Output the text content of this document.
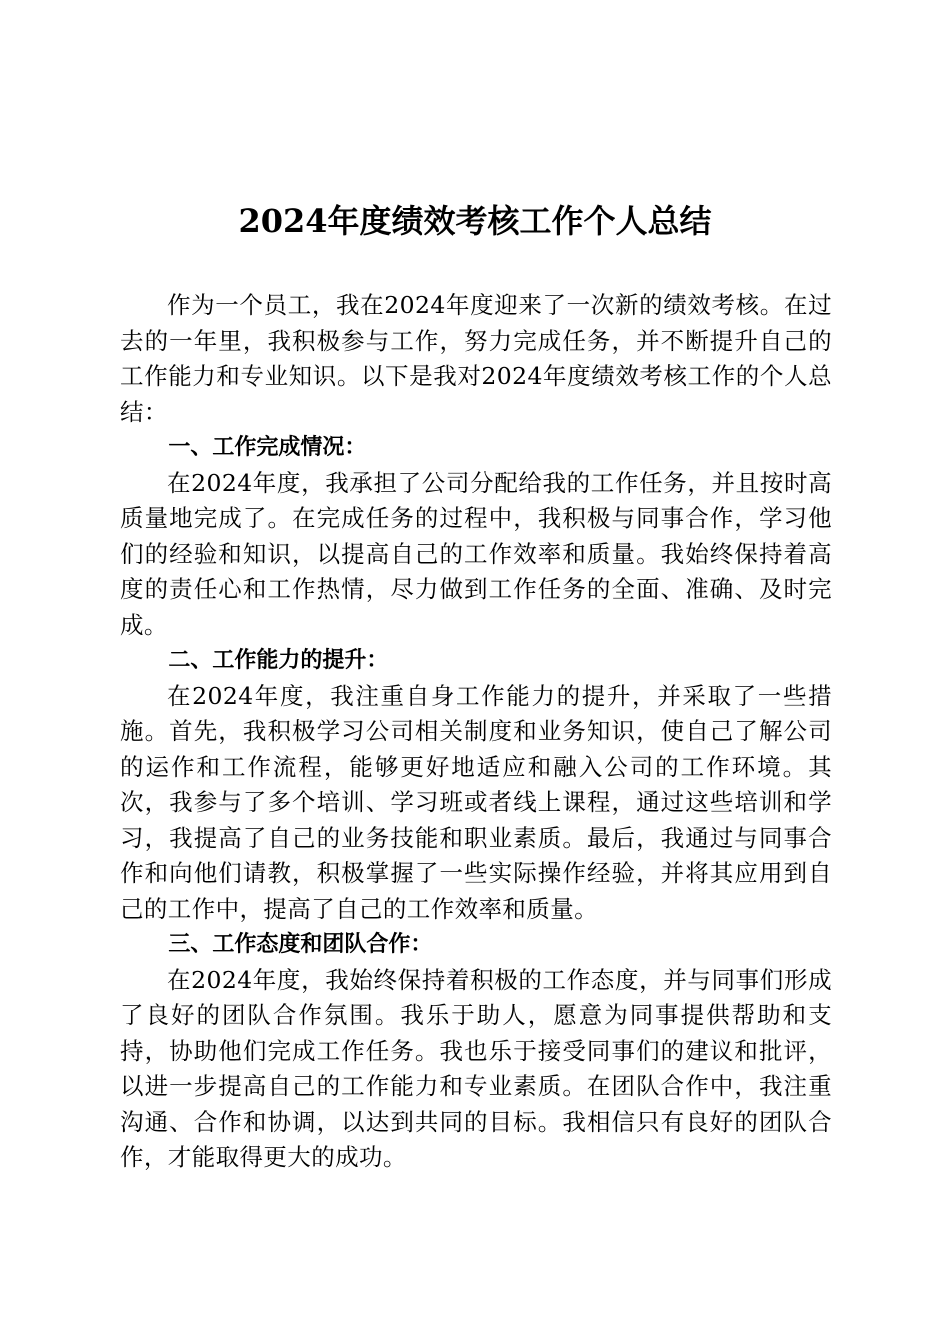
2024年度绩效考核工作个人总结

作为一个员工，我在2024年度迎来了一次新的绩效考核。在过去的一年里，我积极参与工作，努力完成任务，并不断提升自己的工作能力和专业知识。以下是我对2024年度绩效考核工作的个人总结：

一、工作完成情况：

在2024年度，我承担了公司分配给我的工作任务，并且按时高质量地完成了。在完成任务的过程中，我积极与同事合作，学习他们的经验和知识，以提高自己的工作效率和质量。我始终保持着高度的责任心和工作热情，尽力做到工作任务的全面、准确、及时完成。

二、工作能力的提升：

在2024年度，我注重自身工作能力的提升，并采取了一些措施。首先，我积极学习公司相关制度和业务知识，使自己了解公司的运作和工作流程，能够更好地适应和融入公司的工作环境。其次，我参与了多个培训、学习班或者线上课程，通过这些培训和学习，我提高了自己的业务技能和职业素质。最后，我通过与同事合作和向他们请教，积极掌握了一些实际操作经验，并将其应用到自己的工作中，提高了自己的工作效率和质量。

三、工作态度和团队合作：

在2024年度，我始终保持着积极的工作态度，并与同事们形成了良好的团队合作氛围。我乐于助人，愿意为同事提供帮助和支持，协助他们完成工作任务。我也乐于接受同事们的建议和批评，以进一步提高自己的工作能力和专业素质。在团队合作中，我注重沟通、合作和协调，以达到共同的目标。我相信只有良好的团队合作，才能取得更大的成功。
